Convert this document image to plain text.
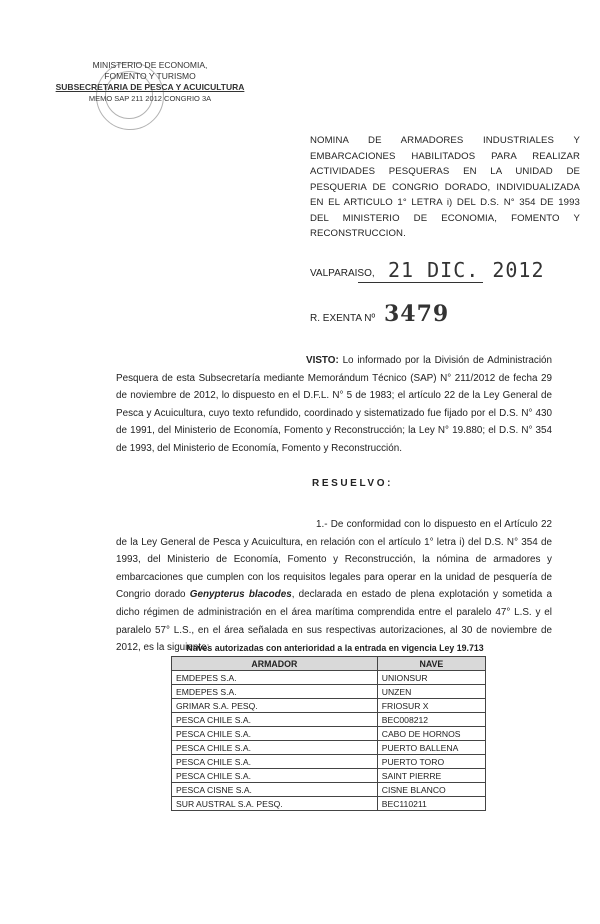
MINISTERIO DE ECONOMIA,
FOMENTO Y TURISMO
SUBSECRETARIA DE PESCA Y ACUICULTURA
MEMO SAP 211 2012 CONGRIO 3A
NOMINA DE ARMADORES INDUSTRIALES Y EMBARCACIONES HABILITADOS PARA REALIZAR ACTIVIDADES PESQUERAS EN LA UNIDAD DE PESQUERIA DE CONGRIO DORADO, INDIVIDUALIZADA EN EL ARTICULO 1° LETRA i) DEL D.S. N° 354 DE 1993 DEL MINISTERIO DE ECONOMIA, FOMENTO Y RECONSTRUCCION.
VALPARAISO, 21 DIC. 2012
R. EXENTA Nº 3479
VISTO: Lo informado por la División de Administración Pesquera de esta Subsecretaría mediante Memorándum Técnico (SAP) N° 211/2012 de fecha 29 de noviembre de 2012, lo dispuesto en el D.F.L. N° 5 de 1983; el artículo 22 de la Ley General de Pesca y Acuicultura, cuyo texto refundido, coordinado y sistematizado fue fijado por el D.S. N° 430 de 1991, del Ministerio de Economía, Fomento y Reconstrucción; la Ley N° 19.880; el D.S. N° 354 de 1993, del Ministerio de Economía, Fomento y Reconstrucción.
RESUELVO:
1.- De conformidad con lo dispuesto en el Artículo 22 de la Ley General de Pesca y Acuicultura, en relación con el artículo 1° letra i) del D.S. N° 354 de 1993, del Ministerio de Economía, Fomento y Reconstrucción, la nómina de armadores y embarcaciones que cumplen con los requisitos legales para operar en la unidad de pesquería de Congrio dorado Genypterus blacodes, declarada en estado de plena explotación y sometida a dicho régimen de administración en el área marítima comprendida entre el paralelo 47° L.S. y el paralelo 57° L.S., en el área señalada en sus respectivas autorizaciones, al 30 de noviembre de 2012, es la siguiente:
Naves autorizadas con anterioridad a la entrada en vigencia Ley 19.713
ARMADOR	NAVE
EMDEPES S.A.	UNIONSUR
EMDEPES S.A.	UNZEN
GRIMAR S.A. PESQ.	FRIOSUR X
PESCA CHILE S.A.	BEC008212
PESCA CHILE S.A.	CABO DE HORNOS
PESCA CHILE S.A.	PUERTO BALLENA
PESCA CHILE S.A.	PUERTO TORO
PESCA CHILE S.A.	SAINT PIERRE
PESCA CISNE S.A.	CISNE BLANCO
SUR AUSTRAL S.A. PESQ.	BEC110211
